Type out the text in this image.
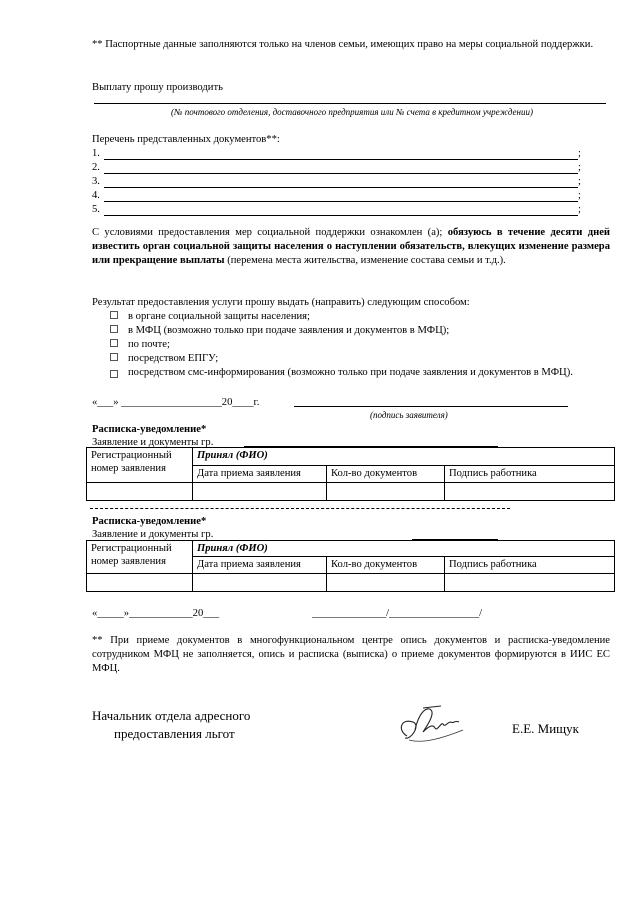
** Паспортные данные заполняются только на членов семьи, имеющих право на меры социальной поддержки.
Выплату прошу производить
(№ почтового отделения, доставочного предприятия или № счета в кредитном учреждении)
Перечень представленных документов**:
1.	;
2.	;
3.	;
4.	;
5.	;
С условиями предоставления мер социальной поддержки ознакомлен (а); обязуюсь в течение десяти дней известить орган социальной защиты населения о наступлении обязательств, влекущих изменение размера или прекращение выплаты (перемена места жительства, изменение состава семьи и т.д.).
Результат предоставления услуги прошу выдать (направить) следующим способом:
в органе социальной защиты населения;
в МФЦ (возможно только при подаче заявления и документов в МФЦ);
по почте;
посредством ЕПГУ;
посредством смс-информирования (возможно только при подаче заявления и документов в МФЦ).
«___» ___________________20____г.
(подпись заявителя)
Расписка-уведомление*
Заявление и документы гр.
Регистрационный номер заявления	Принял (ФИО)		
	Дата приема заявления	Кол-во документов	Подпись работника

Расписка-уведомление*
Заявление и документы гр.
Регистрационный номер заявления	Принял (ФИО)		
	Дата приема заявления	Кол-во документов	Подпись работника

«_____»____________20___	______________/_________________/
** При приеме документов в многофункциональном центре опись документов и расписка-уведомление сотрудником МФЦ не заполняется, опись и расписка (выписка) о приеме документов формируются в ИИС ЕС МФЦ.
Начальник отдела адресного
предоставления льгот	Е.Е. Мищук
